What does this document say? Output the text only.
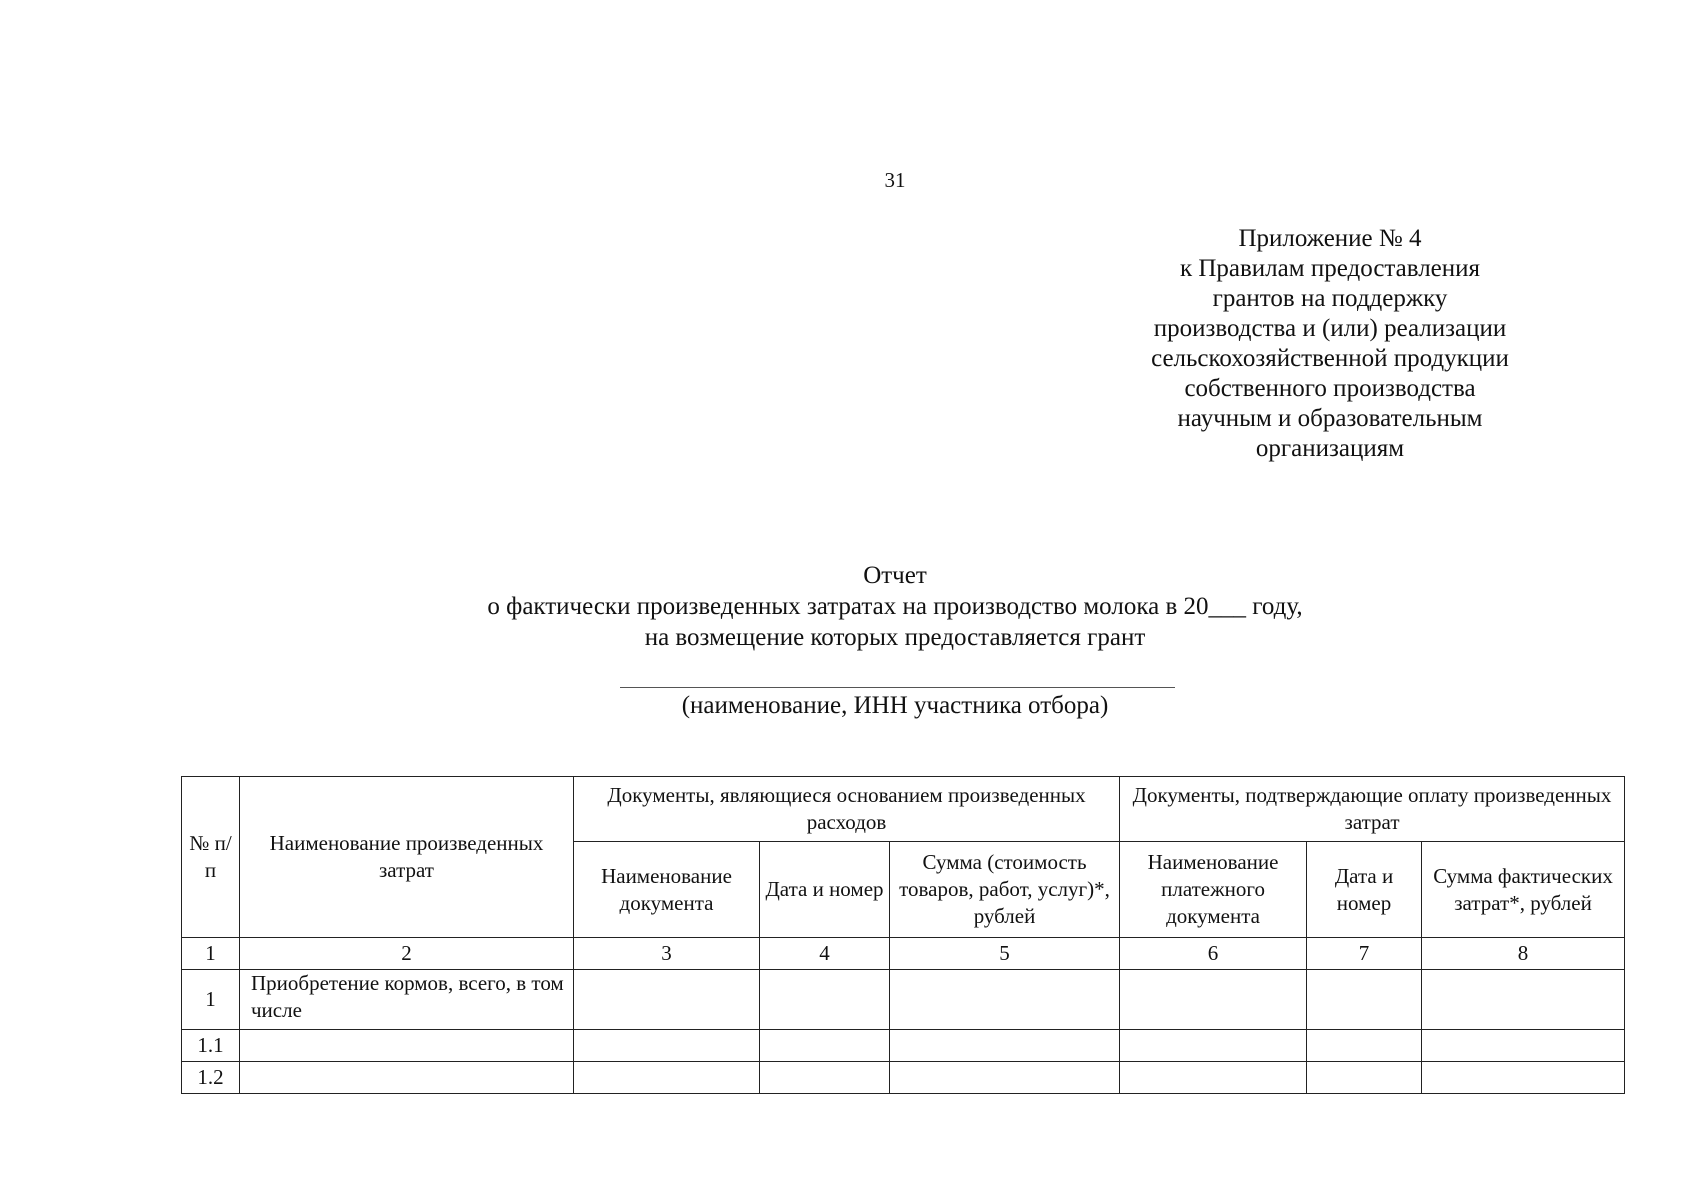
31
Приложение № 4
к Правилам предоставления
грантов на поддержку
производства и (или) реализации
сельскохозяйственной продукции
собственного производства
научным и образовательным
организациям
Отчет
о фактически произведенных затратах на производство молока в 20___ году,
на возмещение которых предоставляется грант
(наименование, ИНН участника отбора)
№ п/п	Наименование произведенных затрат	Документы, являющиеся основанием произведенных расходов			Документы, подтверждающие оплату произведенных затрат		
		Наименование документа	Дата и номер	Сумма (стоимость товаров, работ, услуг)*, рублей	Наименование платежного документа	Дата и номер	Сумма фактических затрат*, рублей
1	2	3	4	5	6	7	8
1	Приобретение кормов, всего, в том числе						
1.1							
1.2							
